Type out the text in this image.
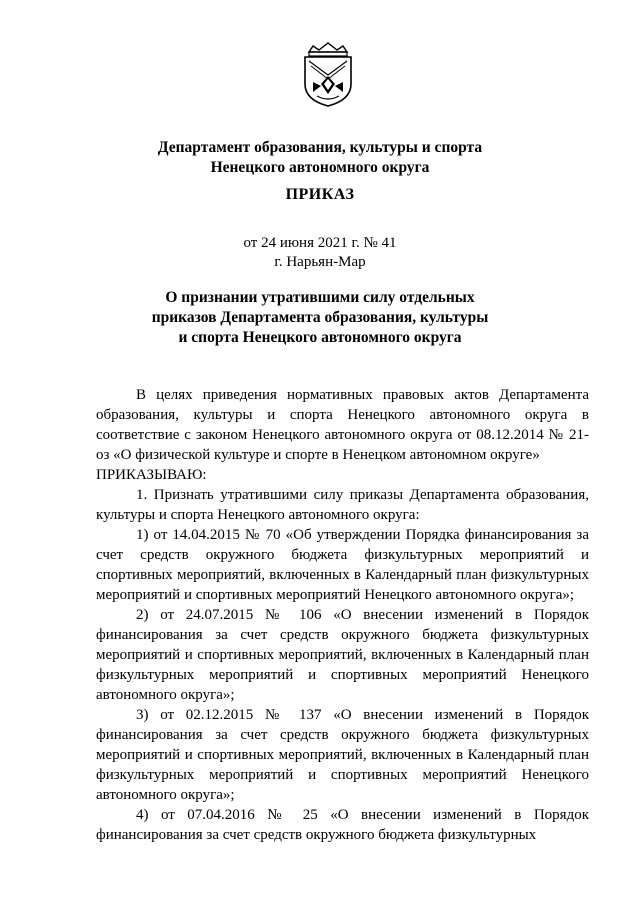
Департамент образования, культуры и спорта
Ненецкого автономного округа
ПРИКАЗ
от 24 июня 2021 г. № 41
г. Нарьян-Мар
О признании утратившими силу отдельных
приказов Департамента образования, культуры
и спорта Ненецкого автономного округа

В целях приведения нормативных правовых актов Департамента образования, культуры и спорта Ненецкого автономного округа в соответствие с законом Ненецкого автономного округа от 08.12.2014 № 21-оз «О физической культуре и спорте в Ненецком автономном округе»

ПРИКАЗЫВАЮ:

1. Признать утратившими силу приказы Департамента образования, культуры и спорта Ненецкого автономного округа:

1) от 14.04.2015 № 70 «Об утверждении Порядка финансирования за счет средств окружного бюджета физкультурных мероприятий и спортивных мероприятий, включенных в Календарный план физкультурных мероприятий и спортивных мероприятий Ненецкого автономного округа»;

2) от 24.07.2015 № 106 «О внесении изменений в Порядок финансирования за счет средств окружного бюджета физкультурных мероприятий и спортивных мероприятий, включенных в Календарный план физкультурных мероприятий и спортивных мероприятий Ненецкого автономного округа»;

3) от 02.12.2015 № 137 «О внесении изменений в Порядок финансирования за счет средств окружного бюджета физкультурных мероприятий и спортивных мероприятий, включенных в Календарный план физкультурных мероприятий и спортивных мероприятий Ненецкого автономного округа»;

4) от 07.04.2016 № 25 «О внесении изменений в Порядок финансирования за счет средств окружного бюджета физкультурных
